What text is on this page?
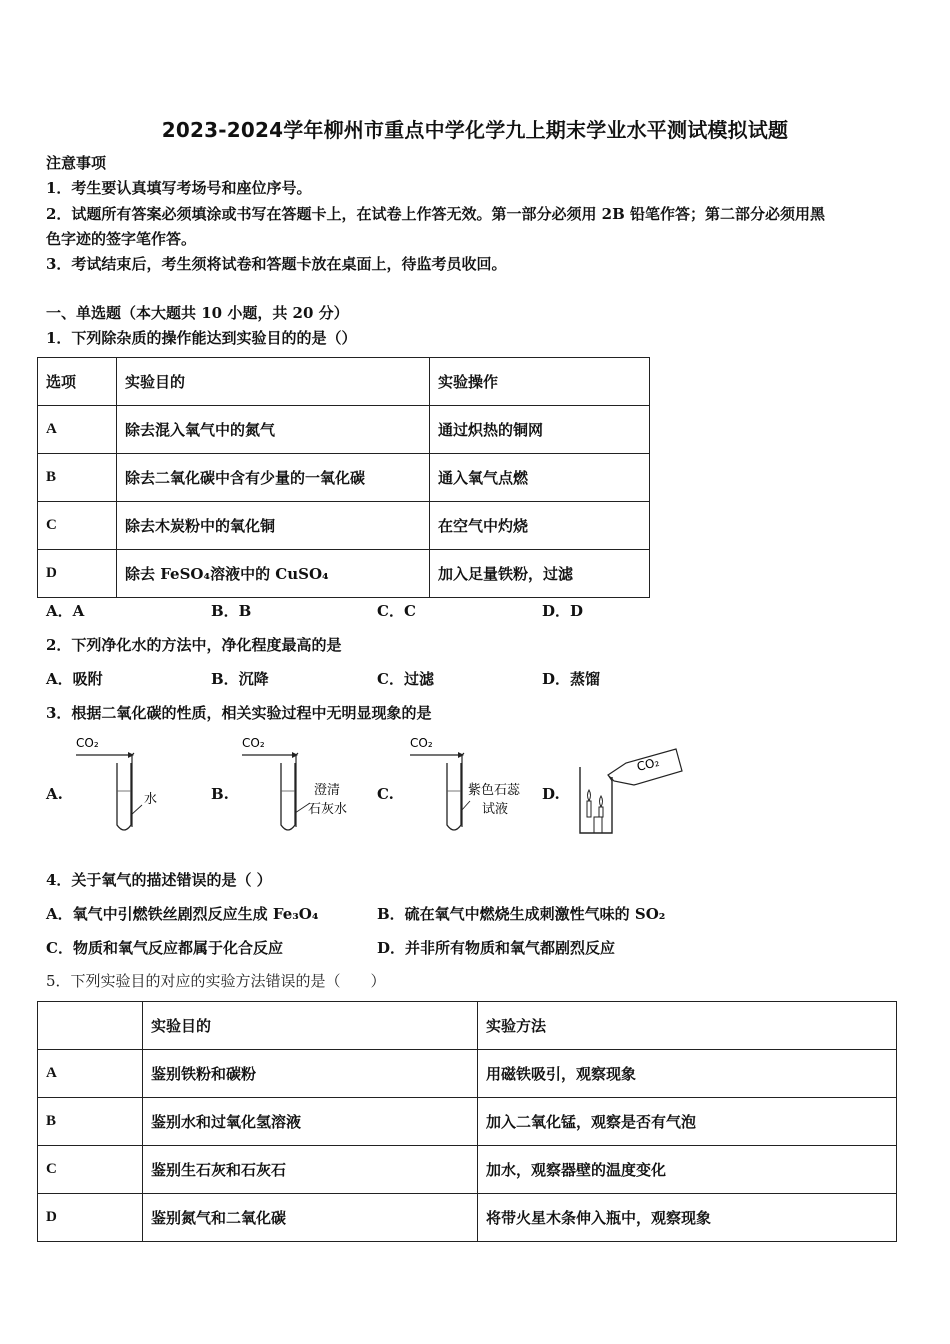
2023-2024学年柳州市重点中学化学九上期末学业水平测试模拟试题
注意事项
1．考生要认真填写考场号和座位序号。
2．试题所有答案必须填涂或书写在答题卡上，在试卷上作答无效。第一部分必须用 2B 铅笔作答；第二部分必须用黑
色字迹的签字笔作答。
3．考试结束后，考生须将试卷和答题卡放在桌面上，待监考员收回。
一、单选题（本大题共 10 小题，共 20 分）
1．下列除杂质的操作能达到实验目的的是（）
选项	实验目的	实验操作
A	除去混入氧气中的氮气	通过炽热的铜网
B	除去二氧化碳中含有少量的一氧化碳	通入氧气点燃
C	除去木炭粉中的氧化铜	在空气中灼烧
D	除去 FeSO₄溶液中的 CuSO₄	加入足量铁粉，过滤
A．A	B．B	C．C	D．D
2．下列净化水的方法中，净化程度最高的是
A．吸附	B．沉降	C．过滤	D．蒸馏
3．根据二氧化碳的性质，相关实验过程中无明显现象的是
A.	B.	C.	D.
CO₂
水
CO₂
澄清
石灰水
CO₂
紫色石蕊
试液
CO₂
4．关于氧气的描述错误的是（ ）
A．氧气中引燃铁丝剧烈反应生成 Fe₃O₄	B．硫在氧气中燃烧生成刺激性气味的 SO₂
C．物质和氧气反应都属于化合反应	D．并非所有物质和氧气都剧烈反应
5．下列实验目的对应的实验方法错误的是（　　）
	实验目的	实验方法
A	鉴别铁粉和碳粉	用磁铁吸引，观察现象
B	鉴别水和过氧化氢溶液	加入二氧化锰，观察是否有气泡
C	鉴别生石灰和石灰石	加水，观察器壁的温度变化
D	鉴别氮气和二氧化碳	将带火星木条伸入瓶中，观察现象
